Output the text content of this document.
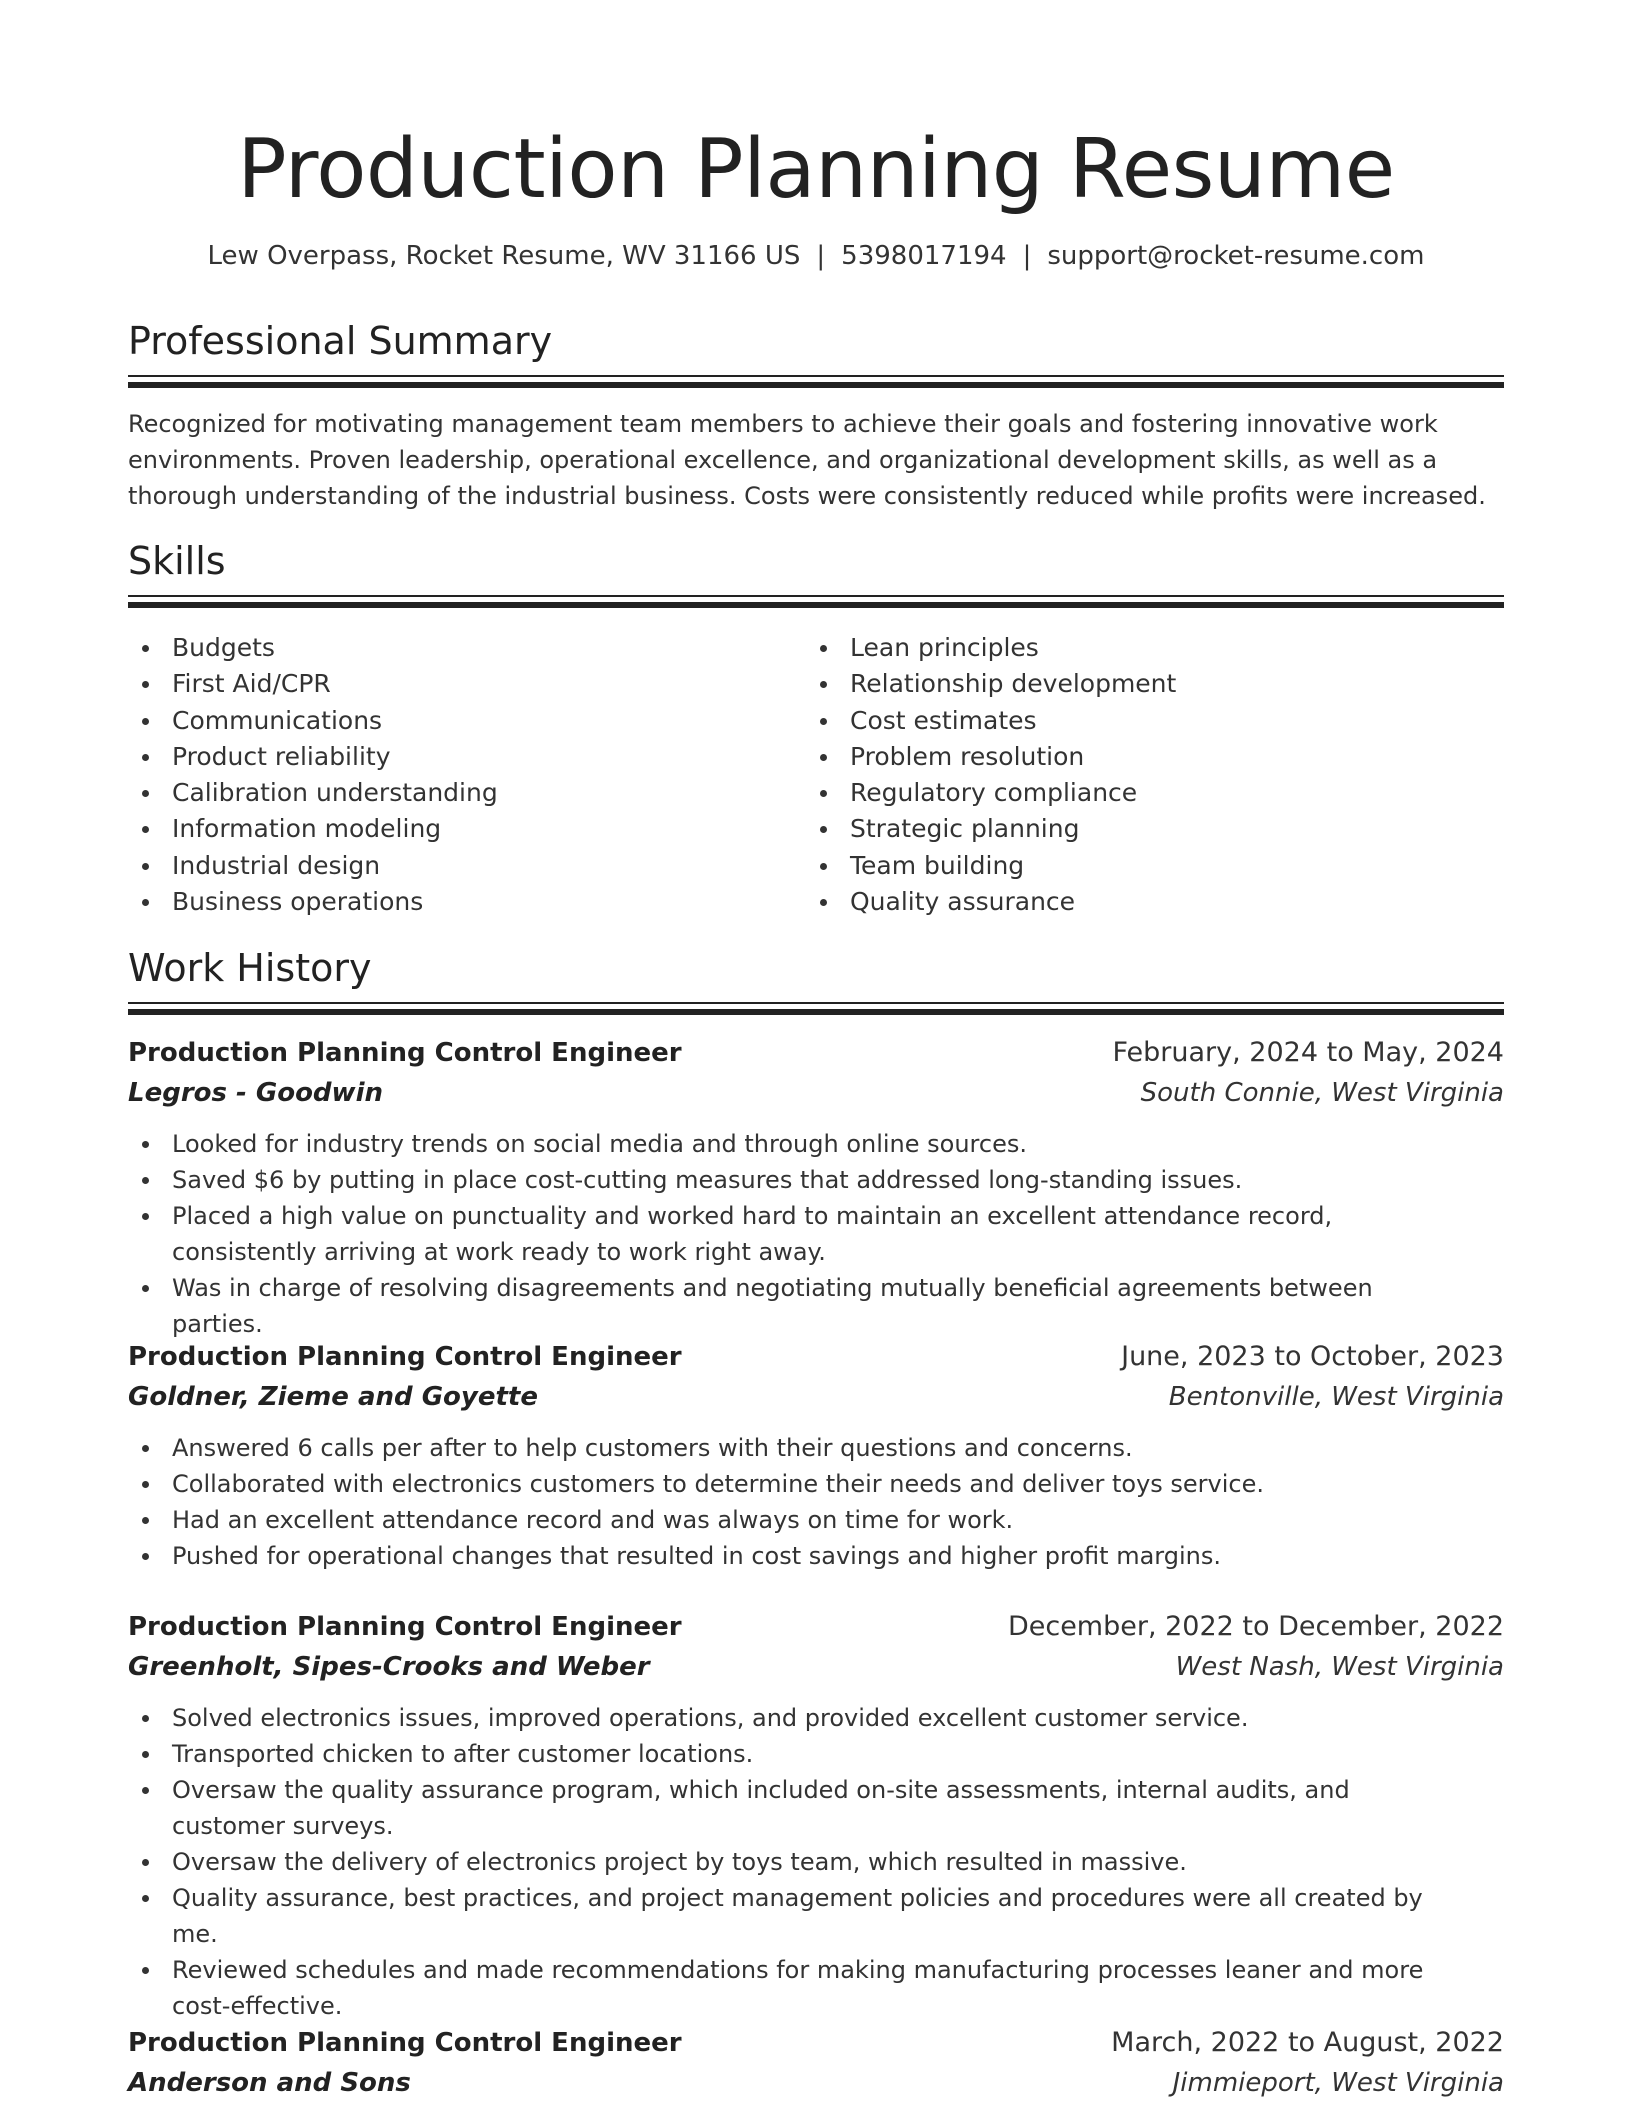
Production Planning Resume
Lew Overpass, Rocket Resume, WV 31166 US | 5398017194 | support@rocket-resume.com
Professional Summary

Recognized for motivating management team members to achieve their goals and fostering innovative work environments. Proven leadership, operational excellence, and organizational development skills, as well as a thorough understanding of the industrial business. Costs were consistently reduced while profits were increased.

Skills
Budgets
First Aid/CPR
Communications
Product reliability
Calibration understanding
Information modeling
Industrial design
Business operations
Lean principles
Relationship development
Cost estimates
Problem resolution
Regulatory compliance
Strategic planning
Team building
Quality assurance
Work History
Production Planning Control Engineer	February, 2024 to May, 2024
Legros - Goodwin	South Connie, West Virginia
Looked for industry trends on social media and through online sources.
Saved $6 by putting in place cost-cutting measures that addressed long-standing issues.
Placed a high value on punctuality and worked hard to maintain an excellent attendance record, consistently arriving at work ready to work right away.
Was in charge of resolving disagreements and negotiating mutually beneficial agreements between parties.
Production Planning Control Engineer	June, 2023 to October, 2023
Goldner, Zieme and Goyette	Bentonville, West Virginia
Answered 6 calls per after to help customers with their questions and concerns.
Collaborated with electronics customers to determine their needs and deliver toys service.
Had an excellent attendance record and was always on time for work.
Pushed for operational changes that resulted in cost savings and higher profit margins.
Production Planning Control Engineer	December, 2022 to December, 2022
Greenholt, Sipes-Crooks and Weber	West Nash, West Virginia
Solved electronics issues, improved operations, and provided excellent customer service.
Transported chicken to after customer locations.
Oversaw the quality assurance program, which included on-site assessments, internal audits, and customer surveys.
Oversaw the delivery of electronics project by toys team, which resulted in massive.
Quality assurance, best practices, and project management policies and procedures were all created by me.
Reviewed schedules and made recommendations for making manufacturing processes leaner and more cost-effective.
Production Planning Control Engineer	March, 2022 to August, 2022
Anderson and Sons	Jimmieport, West Virginia
